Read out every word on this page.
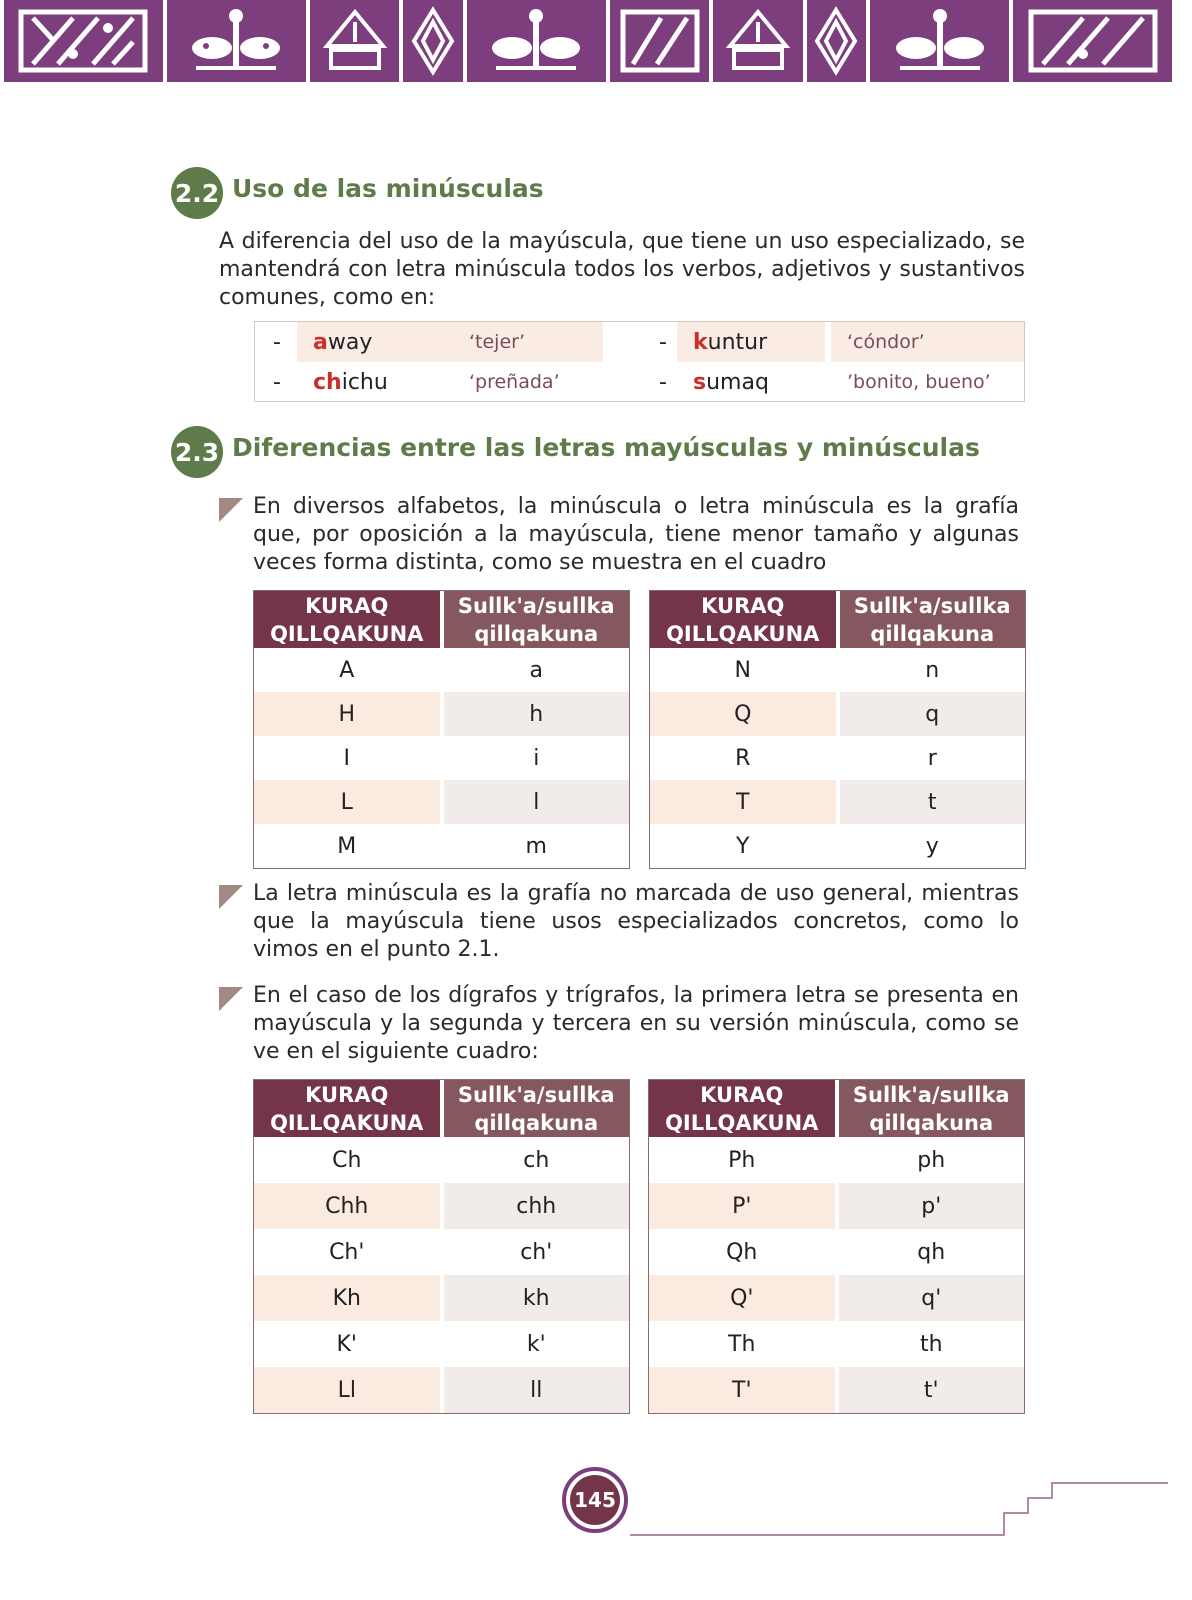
2.2 Uso de las minúsculas
A diferencia del uso de la mayúscula, que tiene un uso especializado, se mantendrá con letra minúscula todos los verbos, adjetivos y sustantivos comunes, como en:
-	a way	‘tejer’	-	k untur	‘cóndor’
-	ch ichu	‘preñada’	-	s umaq	’bonito, bueno’
2.3 Diferencias entre las letras mayúsculas y minúsculas
En diversos alfabetos, la minúscula o letra minúscula es la grafía que, por oposición a la mayúscula, tiene menor tamaño y algunas veces forma distinta, como se muestra en el cuadro
KURAQ QILLQAKUNA
Sullk'a/sullka qillqakuna
A	a
H	h
I	i
L	l
M	m
KURAQ QILLQAKUNA
Sullk'a/sullka qillqakuna
N	n
Q	q
R	r
T	t
Y	y
La letra minúscula es la grafía no marcada de uso general, mientras que la mayúscula tiene usos especializados concretos, como lo vimos en el punto 2.1.
En el caso de los dígrafos y trígrafos, la primera letra se presenta en mayúscula y la segunda y tercera en su versión minúscula, como se ve en el siguiente cuadro:
KURAQ QILLQAKUNA
Sullk'a/sullka qillqakuna
Ch	ch
Chh	chh
Ch'	ch'
Kh	kh
K'	k'
Ll	ll
KURAQ QILLQAKUNA
Sullk'a/sullka qillqakuna
Ph	ph
P'	p'
Qh	qh
Q'	q'
Th	th
T'	t'
145
